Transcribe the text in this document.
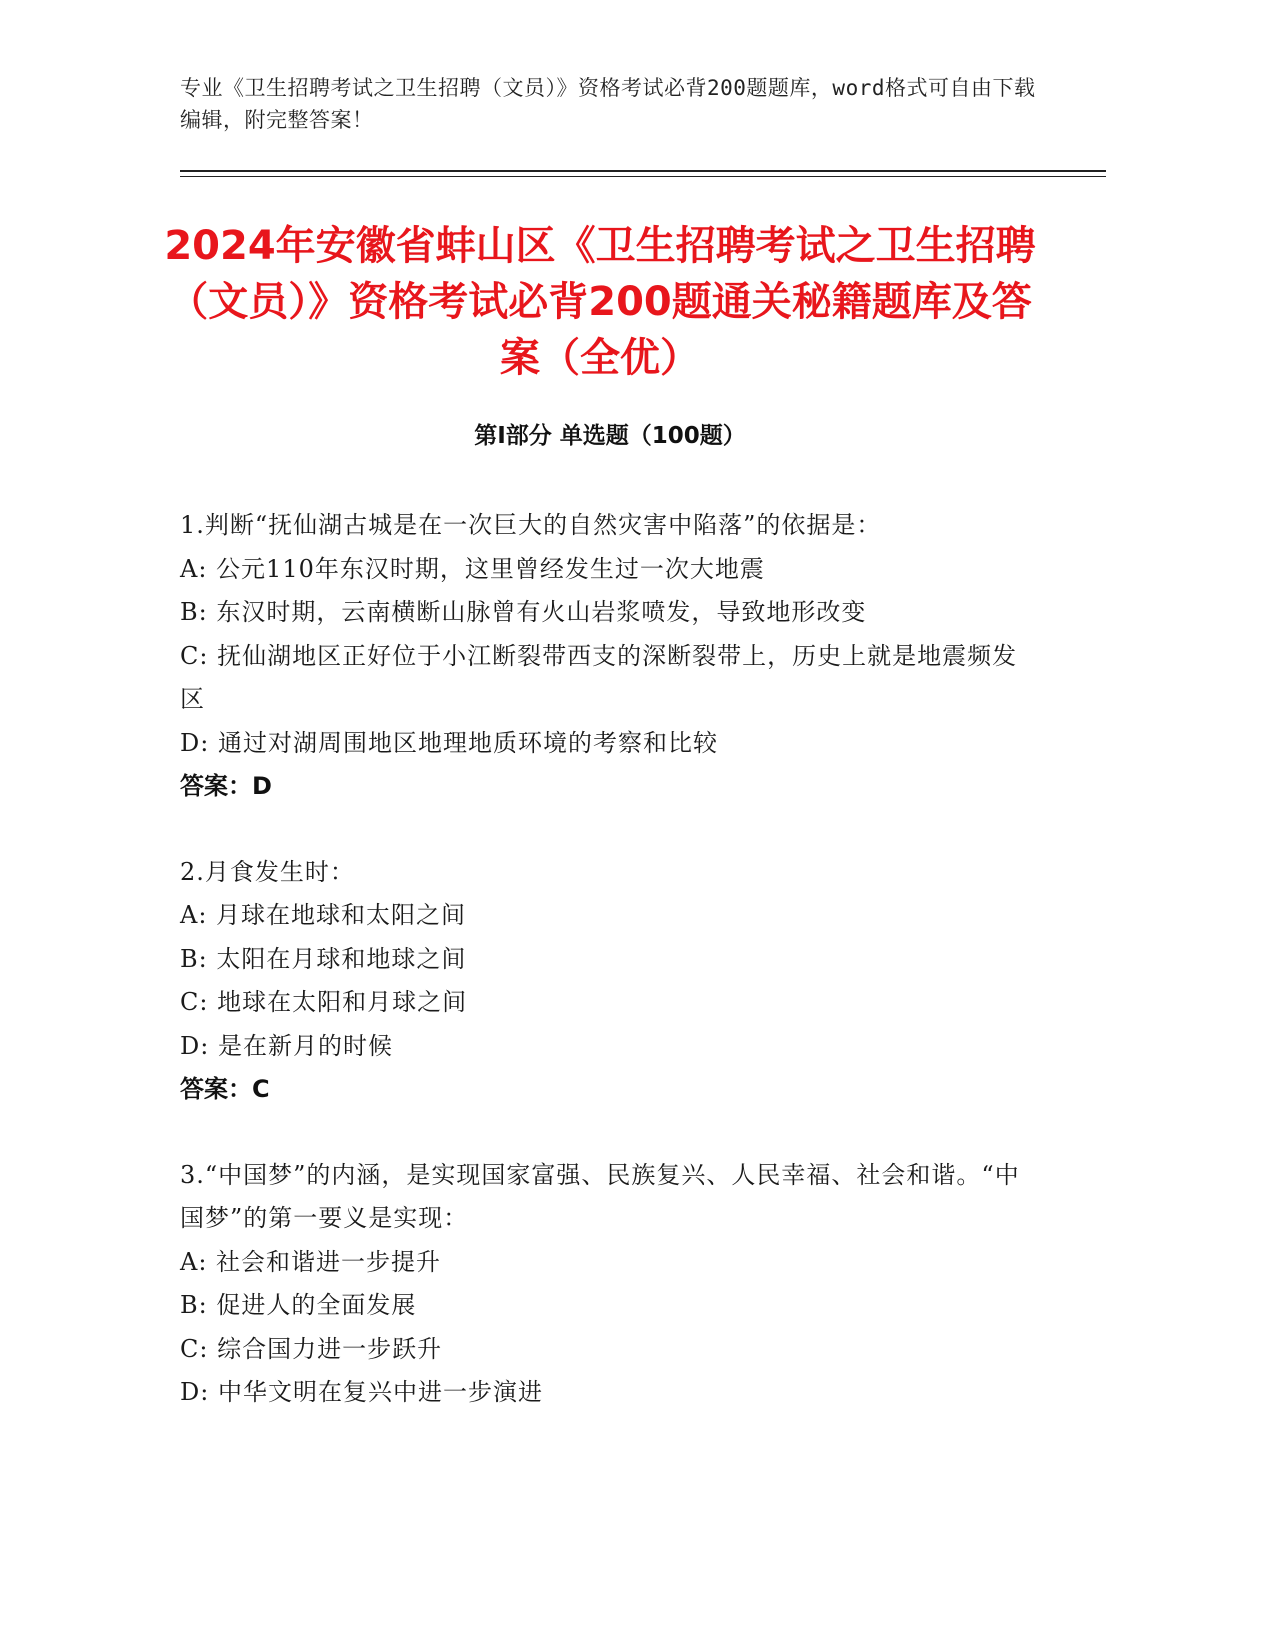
专业《卫生招聘考试之卫生招聘（文员）》资格考试必背200题题库，word格式可自由下载编辑，附完整答案！
2024年安徽省蚌山区《卫生招聘考试之卫生招聘（文员）》资格考试必背200题通关秘籍题库及答案（全优）
第I部分 单选题（100题）
1.判断“抚仙湖古城是在一次巨大的自然灾害中陷落”的依据是：
A: 公元110年东汉时期，这里曾经发生过一次大地震
B: 东汉时期，云南横断山脉曾有火山岩浆喷发，导致地形改变
C: 抚仙湖地区正好位于小江断裂带西支的深断裂带上，历史上就是地震频发区
D: 通过对湖周围地区地理地质环境的考察和比较
答案：D
2.月食发生时：
A: 月球在地球和太阳之间
B: 太阳在月球和地球之间
C: 地球在太阳和月球之间
D: 是在新月的时候
答案：C
3.“中国梦”的内涵，是实现国家富强、民族复兴、人民幸福、社会和谐。“中国梦”的第一要义是实现：
A: 社会和谐进一步提升
B: 促进人的全面发展
C: 综合国力进一步跃升
D: 中华文明在复兴中进一步演进
